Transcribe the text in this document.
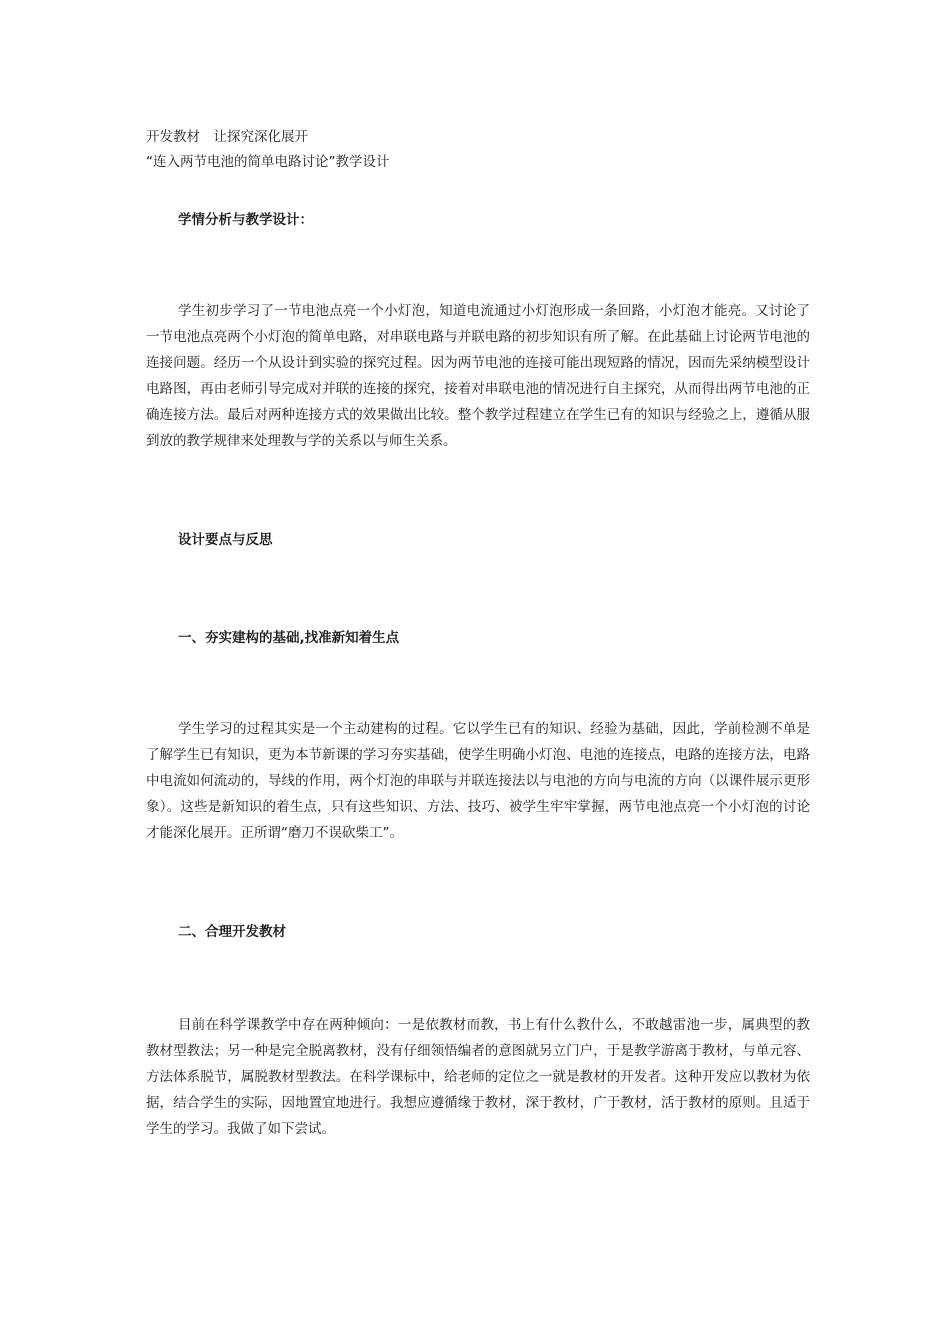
开发教材　让探究深化展开
“连入两节电池的简单电路讨论”教学设计
学情分析与教学设计：

学生初步学习了一节电池点亮一个小灯泡，知道电流通过小灯泡形成一条回路，小灯泡才能亮。又讨论了一节电池点亮两个小灯泡的简单电路，对串联电路与并联电路的初步知识有所了解。在此基础上讨论两节电池的连接问题。经历一个从设计到实验的探究过程。因为两节电池的连接可能出现短路的情况，因而先采纳模型设计电路图，再由老师引导完成对并联的连接的探究，接着对串联电池的情况进行自主探究，从而得出两节电池的正确连接方法。最后对两种连接方式的效果做出比较。整个教学过程建立在学生已有的知识与经验之上，遵循从服到放的教学规律来处理教与学的关系以与师生关系。

设计要点与反思
一、夯实建构的基础,找准新知着生点

学生学习的过程其实是一个主动建构的过程。它以学生已有的知识、经验为基础，因此，学前检测不单是了解学生已有知识，更为本节新课的学习夯实基础，使学生明确小灯泡、电池的连接点，电路的连接方法，电路中电流如何流动的，导线的作用，两个灯泡的串联与并联连接法以与电池的方向与电流的方向（以课件展示更形象）。这些是新知识的着生点，只有这些知识、方法、技巧、被学生牢牢掌握，两节电池点亮一个小灯泡的讨论才能深化展开。正所谓“磨刀不误砍柴工”。

二、合理开发教材

目前在科学课教学中存在两种倾向：一是依教材而教，书上有什么教什么，不敢越雷池一步，属典型的教教材型教法；另一种是完全脱离教材，没有仔细领悟编者的意图就另立门户，于是教学游离于教材，与单元容、方法体系脱节，属脱教材型教法。在科学课标中，给老师的定位之一就是教材的开发者。这种开发应以教材为依据，结合学生的实际，因地置宜地进行。我想应遵循缘于教材，深于教材，广于教材，活于教材的原则。且适于学生的学习。我做了如下尝试。
